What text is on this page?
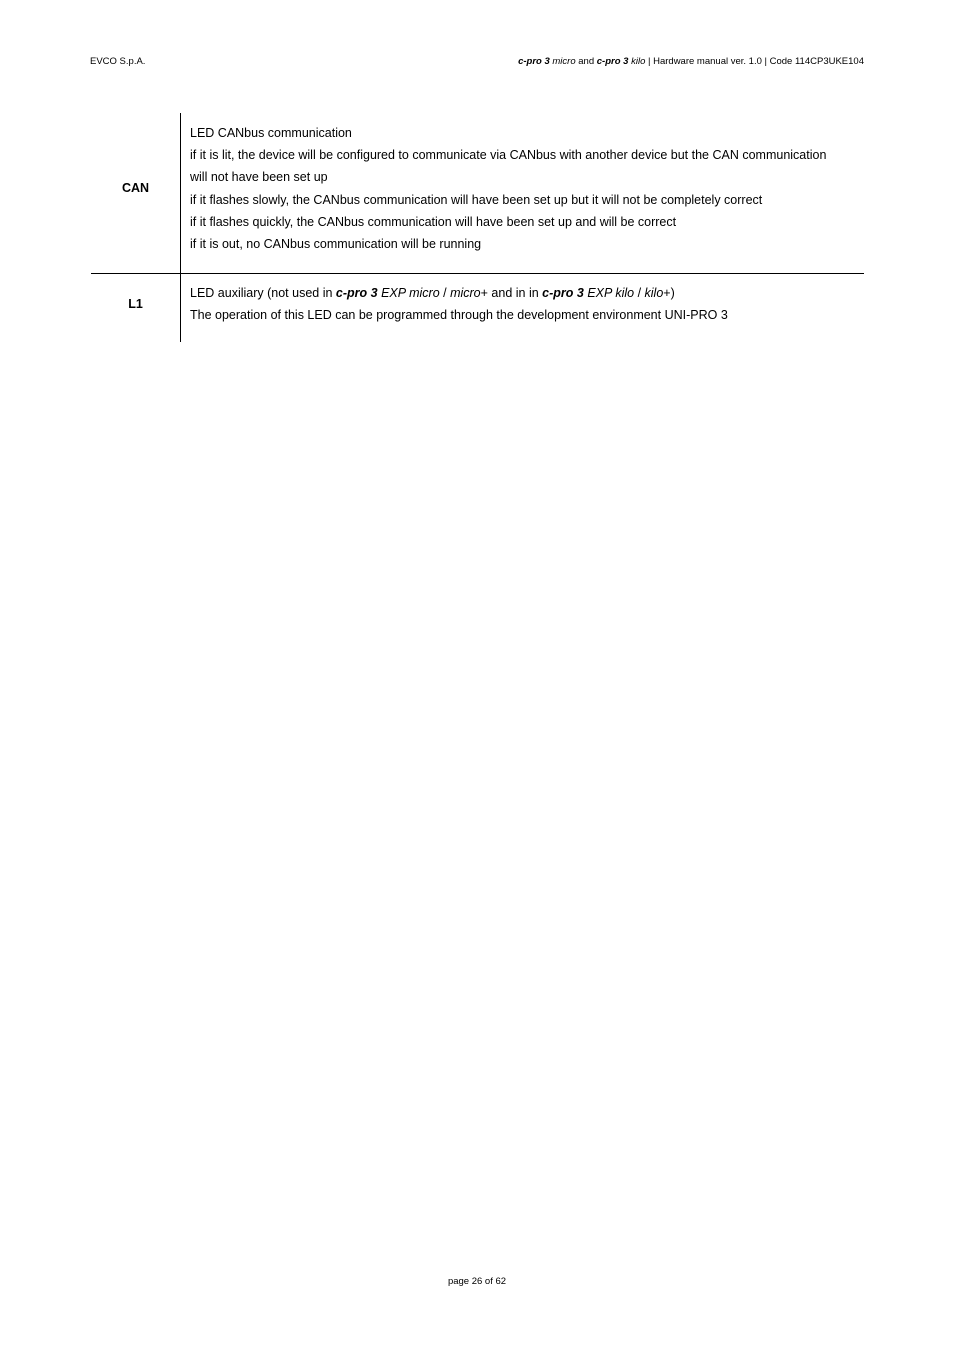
EVCO S.p.A.	c-pro 3 micro and c-pro 3 kilo | Hardware manual ver. 1.0 | Code 114CP3UKE104
CAN
LED CANbus communication
if it is lit, the device will be configured to communicate via CANbus with another device but the CAN communication
will not have been set up
if it flashes slowly, the CANbus communication will have been set up but it will not be completely correct
if it flashes quickly, the CANbus communication will have been set up and will be correct
if it is out, no CANbus communication will be running
L1
LED auxiliary (not used in c-pro 3 EXP micro / micro+ and in in c-pro 3 EXP kilo / kilo+)
The operation of this LED can be programmed through the development environment UNI-PRO 3
page 26 of 62
